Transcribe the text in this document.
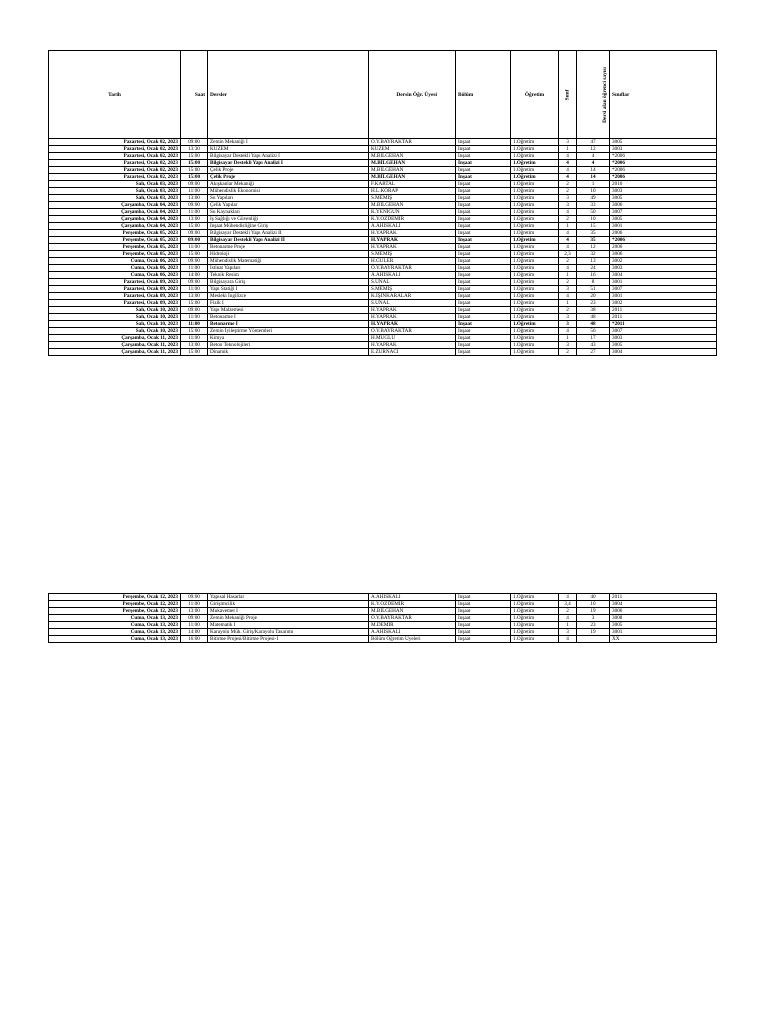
Tarih	Saat	Dersler	Dersin Öğr. Üyesi	Bölüm	Öğretim	Sınıf	Dersi alan öğrenci sayısı	Sınıflar
Pazartesi, Ocak 02, 2023	09:00	Zemin Mekaniği I	O.Y.BAYRAKTAR	İnşaat	1.Öğretim	3	47	3005
Pazartesi, Ocak 02, 2023	13:30	KUZEM	KUZEM	İnşaat	1.Öğretim	1	12	3003
Pazartesi, Ocak 02, 2023	15:00	Bilgisayar Destekli Yapı Analizi I	M.BİLGEHAN	İnşaat	1.Öğretim	4	4	*2006
Pazartesi, Ocak 02, 2023	15:00	Bilgisayar Destekli Yapı Analizi I	M.BİLGEHAN	İnşaat	1.Öğretim	4	4	*2006
Pazartesi, Ocak 02, 2023	15:00	Çelik Proje	M.BİLGEHAN	İnşaat	1.Öğretim	4	14	*2006
Pazartesi, Ocak 02, 2023	15:00	Çelik Proje	M.BİLGEHAN	İnşaat	1.Öğretim	4	14	*2006
Salı, Ocak 03, 2023	09:00	Akışkanlar Mekaniği	F.KARTAL	İnşaat	1.Öğretim	2	1	2010
Salı, Ocak 03, 2023	11:00	Mühendislik Ekonomisi	H.L.KORAP	İnşaat	1.Öğretim	2	10	3003
Salı, Ocak 03, 2023	13:00	Su Yapıları	S.MEMİŞ	İnşaat	1.Öğretim	3	49	3005
Çarşamba, Ocak 04, 2023	09:00	Çelik Yapılar	M.BİLGEHAN	İnşaat	1.Öğretim	3	33	3006
Çarşamba, Ocak 04, 2023	11:00	Su Kaynakları	K.YENİGÜN	İnşaat	1.Öğretim	4	50	3007
Çarşamba, Ocak 04, 2023	13:00	İş Sağlığı ve Güvenliği	K.Y.ÖZDEMİR	İnşaat	1.Öğretim	2	10	3005
Çarşamba, Ocak 04, 2023	15:00	İnşaat Mühendisliğine Giriş	A.AHISKALI	İnşaat	1.Öğretim	1	15	3001
Perşembe, Ocak 05, 2023	09:00	Bilgisayar Destekli Yapı Analizi II	H.YAPRAK	İnşaat	1.Öğretim	4	35	2006
Perşembe, Ocak 05, 2023	09:00	Bilgisayar Destekli Yapı Analizi II	H.YAPRAK	İnşaat	1.Öğretim	4	35	*2006
Perşembe, Ocak 05, 2023	11:00	Betonarme Proje	H.YAPRAK	İnşaat	1.Öğretim	4	12	2006
Perşembe, Ocak 05, 2023	15:00	Hidroloji	S.MEMİŞ	İnşaat	1.Öğretim	2,3	32	3006
Cuma, Ocak 06, 2023	09:00	Mühendislik Matematiği	H.GÜLER	İnşaat	1.Öğretim	2	13	3002
Cuma, Ocak 06, 2023	11:00	İstinat Yapıları	O.Y.BAYRAKTAR	İnşaat	1.Öğretim	4	24	3003
Cuma, Ocak 06, 2023	14:00	Teknik Resim	A.AHISKALI	İnşaat	1.Öğretim	1	16	3004
Pazartesi, Ocak 09, 2023	09:00	Bilgisayara Giriş	S.ÜNAL	İnşaat	1.Öğretim	2	8	3001
Pazartesi, Ocak 09, 2023	11:00	Yapı Statiği I	S.MEMİŞ	İnşaat	1.Öğretim	3	51	3007
Pazartesi, Ocak 09, 2023	13:00	Mesleki İngilizce	K.IŞINKARALAR	İnşaat	1.Öğretim	4	20	3001
Pazartesi, Ocak 09, 2023	15:00	Fizik I	S.ÜNAL	İnşaat	1.Öğretim	1	23	3002
Salı, Ocak 10, 2023	09:00	Yapı Malzemesi	H.YAPRAK	İnşaat	1.Öğretim	2	38	2011
Salı, Ocak 10, 2023	11:00	Betonarme I	H.YAPRAK	İnşaat	1.Öğretim	3	48	2011
Salı, Ocak 10, 2023	11:00	Betonarme I	H.YAPRAK	İnşaat	1.Öğretim	3	48	*2011
Salı, Ocak 10, 2023	15:00	Zemin İyileştirme Yöntemleri	O.Y.BAYRAKTAR	İnşaat	1.Öğretim	4	56	3007
Çarşamba, Ocak 11, 2023	11:00	Kimya	H.MUĞLU	İnşaat	1.Öğretim	1	17	3003
Çarşamba, Ocak 11, 2023	13:00	Beton Teknolojileri	H.YAPRAK	İnşaat	1.Öğretim	3	43	3005
Çarşamba, Ocak 11, 2023	15:00	Dinamik	E.ZURNACI	İnşaat	1.Öğretim	2	27	3004
Perşembe, Ocak 12, 2023	09:00	Yapısal Hasarlar	A.AHISKALI	İnşaat	1.Öğretim	4	40	2011
Perşembe, Ocak 12, 2023	11:00	Girişimcilik	K.Y.ÖZDEMİR	İnşaat	1.Öğretim	3,4	10	3004
Perşembe, Ocak 12, 2023	13:00	Mukavemet I	M.BİLGEHAN	İnşaat	1.Öğretim	2	19	3006
Cuma, Ocak 13, 2023	09:00	Zemin Mekaniği Proje	O.Y.BAYRAKTAR	İnşaat	1.Öğretim	4	3	3008
Cuma, Ocak 13, 2023	11:00	Matematik I	M.DEMİR	İnşaat	1.Öğretim	1	23	3005
Cuma, Ocak 13, 2023	14:00	Karayolu Müh. Giriş/Karayolu Tasarımı	A.AHISKALI	İnşaat	1.Öğretim	3	19	3001
Cuma, Ocak 13, 2023	16:00	Bitirme Projesi/Bitirme Projesi-1	Bölüm Öğretim Üyeleri	İnşaat	1.Öğretim	4		XX
